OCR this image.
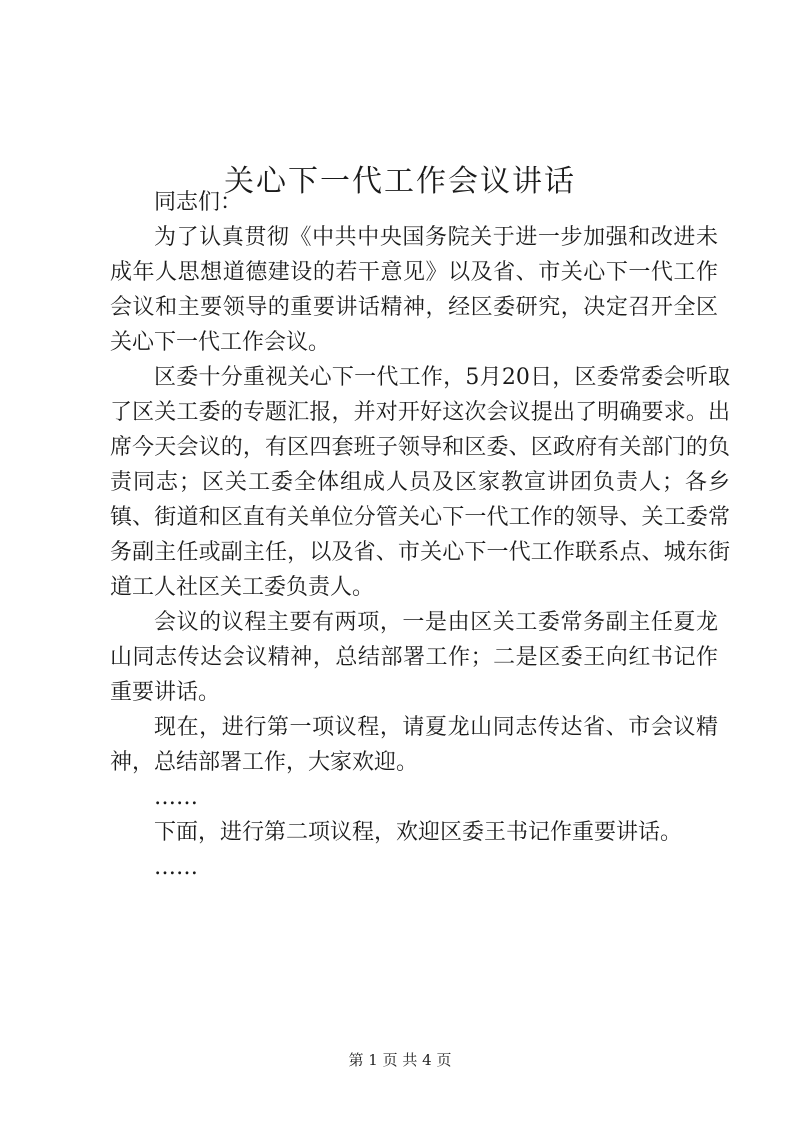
关心下一代工作会议讲话

同志们：

为了认真贯彻《中共中央国务院关于进一步加强和改进未成年人思想道德建设的若干意见》以及省、市关心下一代工作会议和主要领导的重要讲话精神，经区委研究，决定召开全区关心下一代工作会议。

区委十分重视关心下一代工作，5月20日，区委常委会听取了区关工委的专题汇报，并对开好这次会议提出了明确要求。出席今天会议的，有区四套班子领导和区委、区政府有关部门的负责同志；区关工委全体组成人员及区家教宣讲团负责人；各乡镇、街道和区直有关单位分管关心下一代工作的领导、关工委常务副主任或副主任，以及省、市关心下一代工作联系点、城东街道工人社区关工委负责人。

会议的议程主要有两项，一是由区关工委常务副主任夏龙山同志传达会议精神，总结部署工作；二是区委王向红书记作重要讲话。

现在，进行第一项议程，请夏龙山同志传达省、市会议精神，总结部署工作，大家欢迎。

……

下面，进行第二项议程，欢迎区委王书记作重要讲话。

……

第 1 页 共 4 页
